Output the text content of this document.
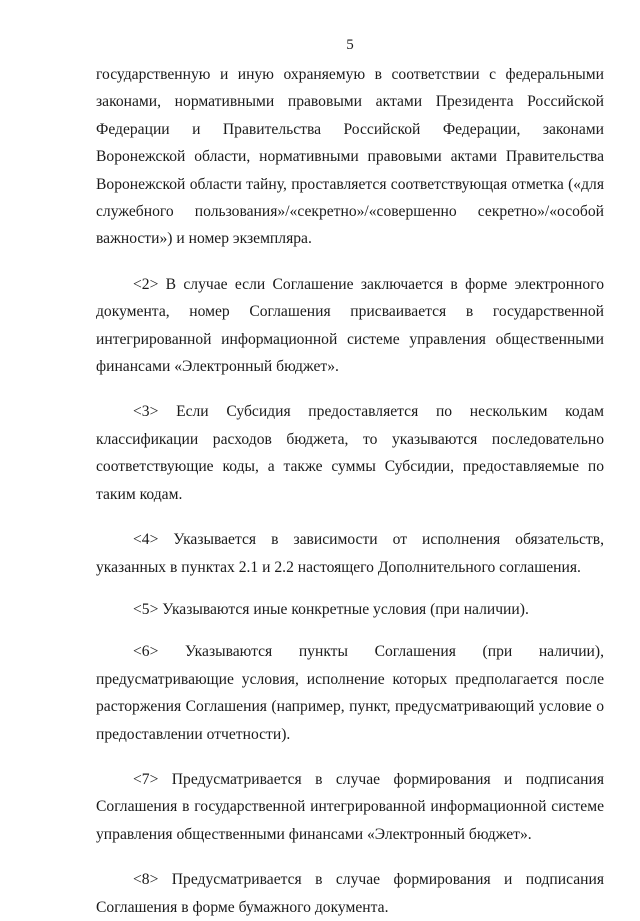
5

государственную и иную охраняемую в соответствии с федеральными законами, нормативными правовыми актами Президента Российской Федерации и Правительства Российской Федерации, законами Воронежской области, нормативными правовыми актами Правительства Воронежской области тайну, проставляется соответствующая отметка («для служебного пользования»/«секретно»/«совершенно секретно»/«особой важности») и номер экземпляра.

<2> В случае если Соглашение заключается в форме электронного документа, номер Соглашения присваивается в государственной интегрированной информационной системе управления общественными финансами «Электронный бюджет».

<3> Если Субсидия предоставляется по нескольким кодам классификации расходов бюджета, то указываются последовательно соответствующие коды, а также суммы Субсидии, предоставляемые по таким кодам.

<4> Указывается в зависимости от исполнения обязательств, указанных в пунктах 2.1 и 2.2 настоящего Дополнительного соглашения.

<5> Указываются иные конкретные условия (при наличии).

<6> Указываются пункты Соглашения (при наличии), предусматривающие условия, исполнение которых предполагается после расторжения Соглашения (например, пункт, предусматривающий условие о предоставлении отчетности).

<7> Предусматривается в случае формирования и подписания Соглашения в государственной интегрированной информационной системе управления общественными финансами «Электронный бюджет».

<8> Предусматривается в случае формирования и подписания Соглашения в форме бумажного документа.
